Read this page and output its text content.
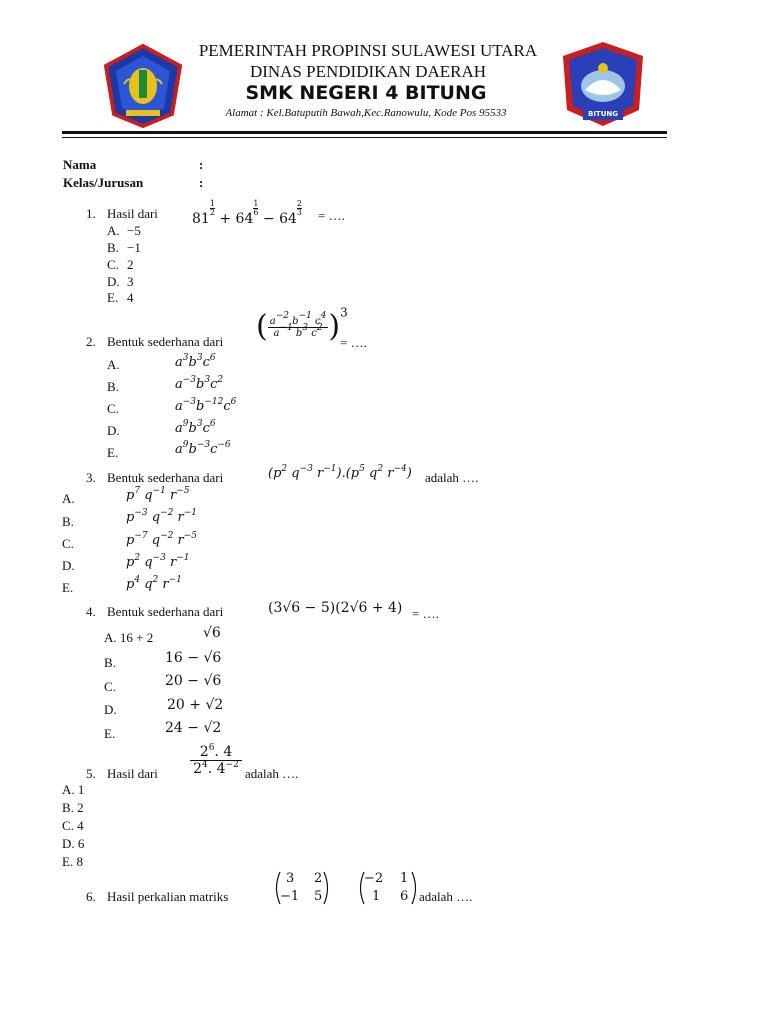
PEMERINTAH PROPINSI SULAWESI UTARA
DINAS PENDIDIKAN DAERAH
SMK NEGERI 4 BITUNG
Alamat : Kel.Batuputih Bawah,Kec.Ranowulu, Kode Pos 95533	BITUNG
Nama	:
Kelas/Jurusan	:
1. Hasil dari 81
$\frac{1}{2} + 64$
$\frac{1}{6} - 64$
$\frac{2}{3}$ = ….
A. −5
B. −1
C. 2
D. 3
E. 4
2. Bentuk sederhana dari ( $\frac{a^{-2} b^{-1} c^4}{a^{-1} b^3 c^2} )^3$
= ….
A.	$a^3b^3c^6$
B.	$a^{-3}b^3c^2$
C.	$a^{-3}b^{-12}c^6$
D.	$a^9b^3c^6$
E.	$a^9b^{-3}c^{-6}$
3. Bentuk sederhana dari	($p^2$ $q^{-3}$ $r^{-1}).(p^5$ $q^2$ $r^{-4}$) adalah ….
A.	$p^7$ $q^{-1}$ $r^{-5}$
B.	$p^{-3}$ $q^{-2}$ $r^{-1}$
C.	$p^{-7}$ $q^{-2}$ $r^{-5}$
D.	$p^2$ $q^{-3}$ $r^{-1}$
E.	$p^4$ $q^2$ $r^{-1}$
4. Bentuk sederhana dari	(3√6 − 5)(2√6 + 4) = ….
A. 16 + 2	√6
B.	16 − √6
C.	20 − √6
D.	20 + √2
E.	24 − √2
5. Hasil dari
$2^6$. 4
$2^4$. $4^{-2}$
adalah ….
A. 1
B. 2
C. 4
D. 6
E. 8
6. Hasil perkalian matriks
3 2
−1 5
−2 1
1 6 adalah ….
